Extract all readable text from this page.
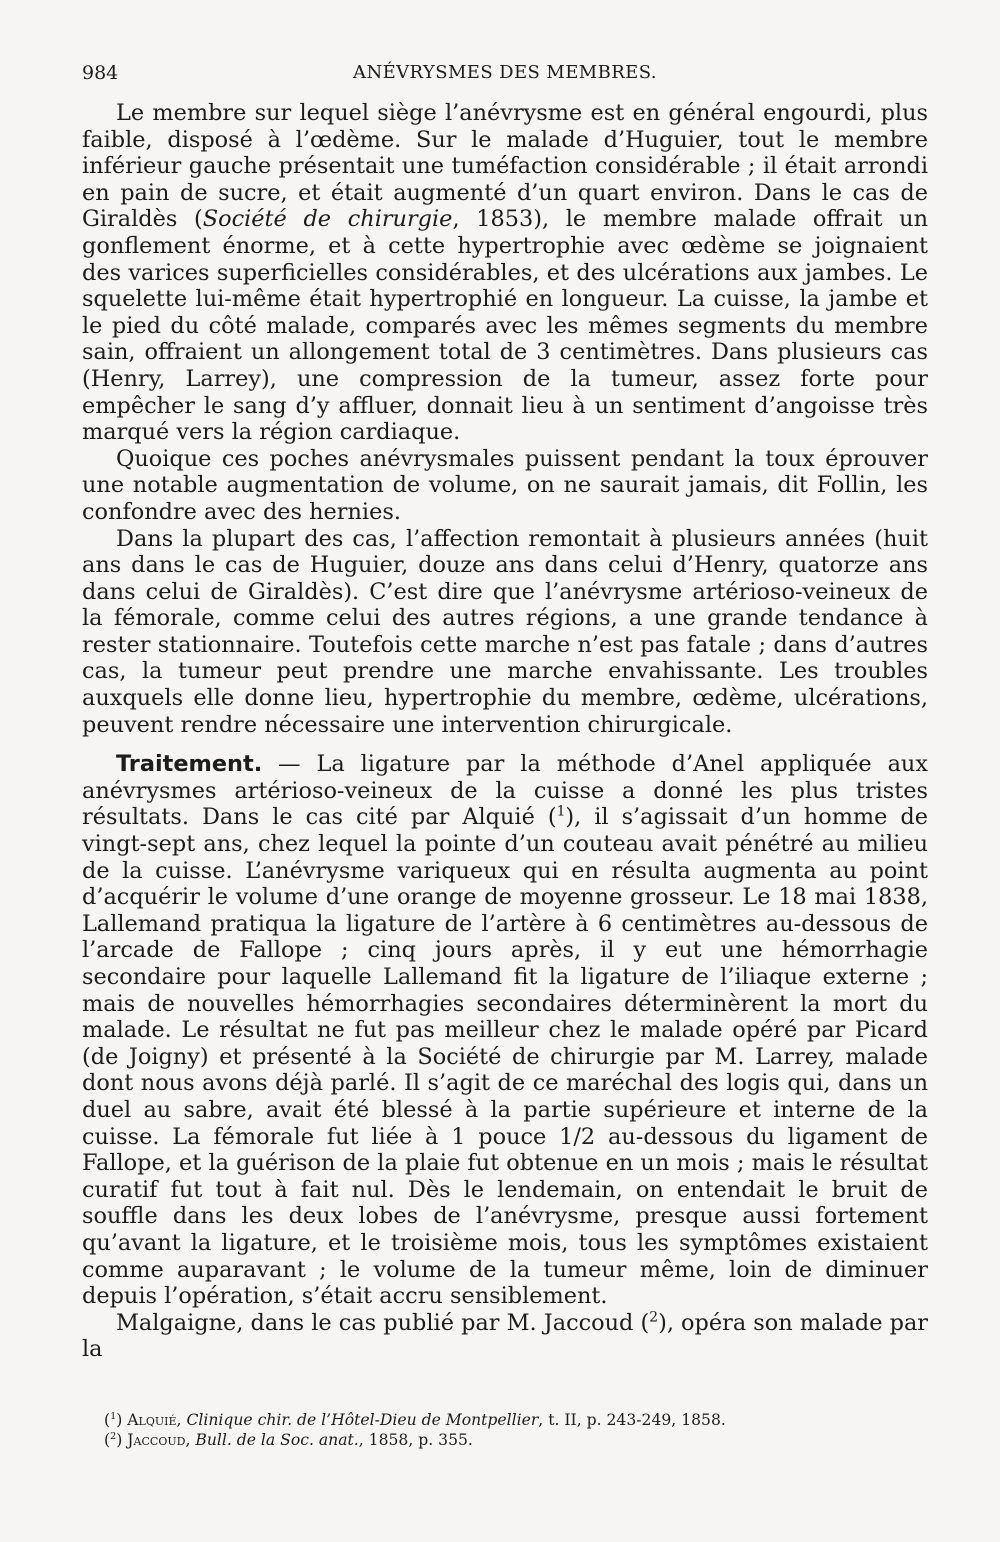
984	ANÉVRYSMES DES MEMBRES.

Le membre sur lequel siège l’anévrysme est en général engourdi, plus faible, disposé à l’œdème. Sur le malade d’Huguier, tout le membre inférieur gauche présentait une tuméfaction considérable ; il était arrondi en pain de sucre, et était augmenté d’un quart environ. Dans le cas de Giraldès (Société de chirurgie, 1853), le membre malade offrait un gonflement énorme, et à cette hypertrophie avec œdème se joignaient des varices superficielles considérables, et des ulcérations aux jambes. Le squelette lui-même était hypertrophié en longueur. La cuisse, la jambe et le pied du côté malade, comparés avec les mêmes segments du membre sain, offraient un allongement total de 3 centimètres. Dans plusieurs cas (Henry, Larrey), une compression de la tumeur, assez forte pour empêcher le sang d’y affluer, donnait lieu à un sentiment d’angoisse très marqué vers la région cardiaque.

Quoique ces poches anévrysmales puissent pendant la toux éprouver une notable augmentation de volume, on ne saurait jamais, dit Follin, les confondre avec des hernies.

Dans la plupart des cas, l’affection remontait à plusieurs années (huit ans dans le cas de Huguier, douze ans dans celui d’Henry, quatorze ans dans celui de Giraldès). C’est dire que l’anévrysme artérioso-veineux de la fémorale, comme celui des autres régions, a une grande tendance à rester stationnaire. Toutefois cette marche n’est pas fatale ; dans d’autres cas, la tumeur peut prendre une marche envahissante. Les troubles auxquels elle donne lieu, hypertrophie du membre, œdème, ulcérations, peuvent rendre nécessaire une intervention chirurgicale.

Traitement. — La ligature par la méthode d’Anel appliquée aux anévrysmes artérioso-veineux de la cuisse a donné les plus tristes résultats. Dans le cas cité par Alquié ($^1$), il s’agissait d’un homme de vingt-sept ans, chez lequel la pointe d’un couteau avait pénétré au milieu de la cuisse. L’anévrysme variqueux qui en résulta augmenta au point d’acquérir le volume d’une orange de moyenne grosseur. Le 18 mai 1838, Lallemand pratiqua la ligature de l’artère à 6 centimètres au-dessous de l’arcade de Fallope ; cinq jours après, il y eut une hémorrhagie secondaire pour laquelle Lallemand fit la ligature de l’iliaque externe ; mais de nouvelles hémorrhagies secondaires déterminèrent la mort du malade. Le résultat ne fut pas meilleur chez le malade opéré par Picard (de Joigny) et présenté à la Société de chirurgie par M. Larrey, malade dont nous avons déjà parlé. Il s’agit de ce maréchal des logis qui, dans un duel au sabre, avait été blessé à la partie supérieure et interne de la cuisse. La fémorale fut liée à 1 pouce 1/2 au-dessous du ligament de Fallope, et la guérison de la plaie fut obtenue en un mois ; mais le résultat curatif fut tout à fait nul. Dès le lendemain, on entendait le bruit de souffle dans les deux lobes de l’anévrysme, presque aussi fortement qu’avant la ligature, et le troisième mois, tous les symptômes existaient comme auparavant ; le volume de la tumeur même, loin de diminuer depuis l’opération, s’était accru sensiblement.

Malgaigne, dans le cas publié par M. Jaccoud ($^2$), opéra son malade par la

($^1$) Alquié, Clinique chir. de l’Hôtel-Dieu de Montpellier, t. II, p. 243-249, 1858.

($^2$) Jaccoud, Bull. de la Soc. anat., 1858, p. 355.
